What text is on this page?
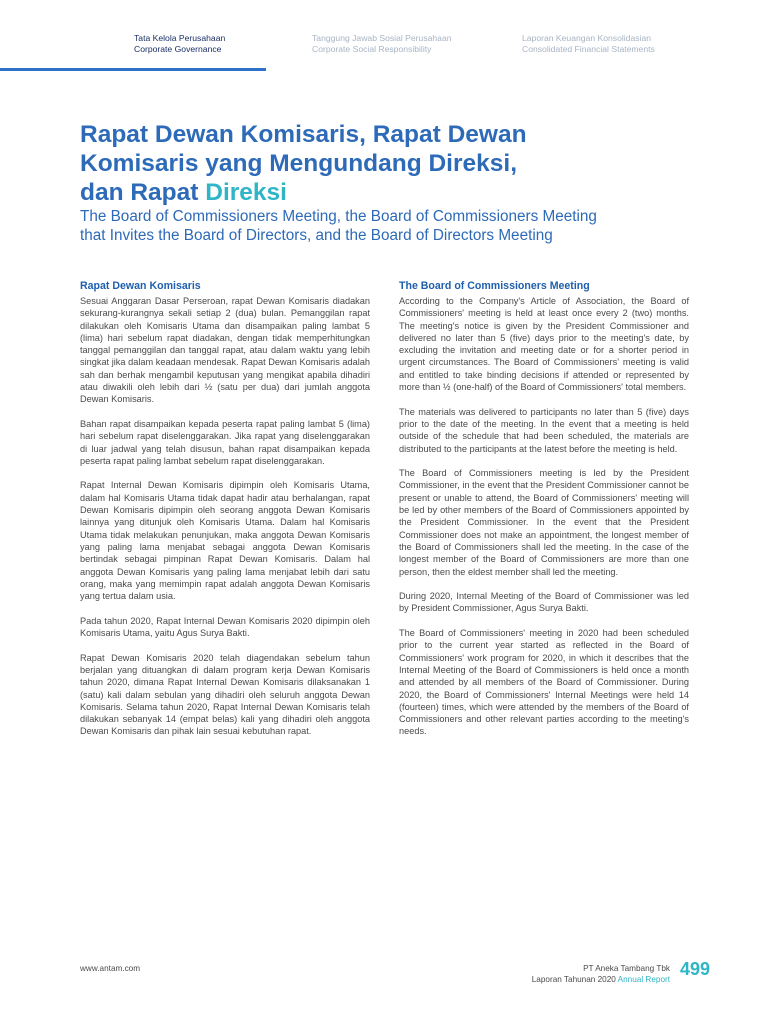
Tata Kelola Perusahaan
Corporate Governance
Tanggung Jawab Sosial Perusahaan
Corporate Social Responsibility
Laporan Keuangan Konsolidasian
Consolidated Financial Statements
Rapat Dewan Komisaris, Rapat Dewan
Komisaris yang Mengundang Direksi,
dan Rapat Direksi
The Board of Commissioners Meeting, the Board of Commissioners Meeting
that Invites the Board of Directors, and the Board of Directors Meeting
Rapat Dewan Komisaris

Sesuai Anggaran Dasar Perseroan, rapat Dewan Komisaris diadakan sekurang-kurangnya sekali setiap 2 (dua) bulan. Pemanggilan rapat dilakukan oleh Komisaris Utama dan disampaikan paling lambat 5 (lima) hari sebelum rapat diadakan, dengan tidak memperhitungkan tanggal pemanggilan dan tanggal rapat, atau dalam waktu yang lebih singkat jika dalam keadaan mendesak. Rapat Dewan Komisaris adalah sah dan berhak mengambil keputusan yang mengikat apabila dihadiri atau diwakili oleh lebih dari ½ (satu per dua) dari jumlah anggota Dewan Komisaris.

Bahan rapat disampaikan kepada peserta rapat paling lambat 5 (lima) hari sebelum rapat diselenggarakan. Jika rapat yang diselenggarakan di luar jadwal yang telah disusun, bahan rapat disampaikan kepada peserta rapat paling lambat sebelum rapat diselenggarakan.

Rapat Internal Dewan Komisaris dipimpin oleh Komisaris Utama, dalam hal Komisaris Utama tidak dapat hadir atau berhalangan, rapat Dewan Komisaris dipimpin oleh seorang anggota Dewan Komisaris lainnya yang ditunjuk oleh Komisaris Utama. Dalam hal Komisaris Utama tidak melakukan penunjukan, maka anggota Dewan Komisaris yang paling lama menjabat sebagai anggota Dewan Komisaris bertindak sebagai pimpinan Rapat Dewan Komisaris. Dalam hal anggota Dewan Komisaris yang paling lama menjabat lebih dari satu orang, maka yang memimpin rapat adalah anggota Dewan Komisaris yang tertua dalam usia.

Pada tahun 2020, Rapat Internal Dewan Komisaris 2020 dipimpin oleh Komisaris Utama, yaitu Agus Surya Bakti.

Rapat Dewan Komisaris 2020 telah diagendakan sebelum tahun berjalan yang dituangkan di dalam program kerja Dewan Komisaris tahun 2020, dimana Rapat Internal Dewan Komisaris dilaksanakan 1 (satu) kali dalam sebulan yang dihadiri oleh seluruh anggota Dewan Komisaris. Selama tahun 2020, Rapat Internal Dewan Komisaris telah dilakukan sebanyak 14 (empat belas) kali yang dihadiri oleh anggota Dewan Komisaris dan pihak lain sesuai kebutuhan rapat.

The Board of Commissioners Meeting

According to the Company's Article of Association, the Board of Commissioners' meeting is held at least once every 2 (two) months. The meeting's notice is given by the President Commissioner and delivered no later than 5 (five) days prior to the meeting's date, by excluding the invitation and meeting date or for a shorter period in urgent circumstances. The Board of Commissioners' meeting is valid and entitled to take binding decisions if attended or represented by more than ½ (one-half) of the Board of Commissioners' total members.

The materials was delivered to participants no later than 5 (five) days prior to the date of the meeting. In the event that a meeting is held outside of the schedule that had been scheduled, the materials are distributed to the participants at the latest before the meeting is held.

The Board of Commissioners meeting is led by the President Commissioner, in the event that the President Commissioner cannot be present or unable to attend, the Board of Commissioners' meeting will be led by other members of the Board of Commissioners appointed by the President Commissioner. In the event that the President Commissioner does not make an appointment, the longest member of the Board of Commissioners shall led the meeting. In the case of the longest member of the Board of Commissioners are more than one person, then the eldest member shall led the meeting.

During 2020, Internal Meeting of the Board of Commissioner was led by President Commissioner, Agus Surya Bakti.

The Board of Commissioners' meeting in 2020 had been scheduled prior to the current year started as reflected in the Board of Commissioners' work program for 2020, in which it describes that the Internal Meeting of the Board of Commissioners is held once a month and attended by all members of the Board of Commissioner. During 2020, the Board of Commissioners' Internal Meetings were held 14 (fourteen) times, which were attended by the members of the Board of Commissioners and other relevant parties according to the meeting's needs.

www.antam.com	PT Aneka Tambang Tbk
Laporan Tahunan 2020 Annual Report
499
